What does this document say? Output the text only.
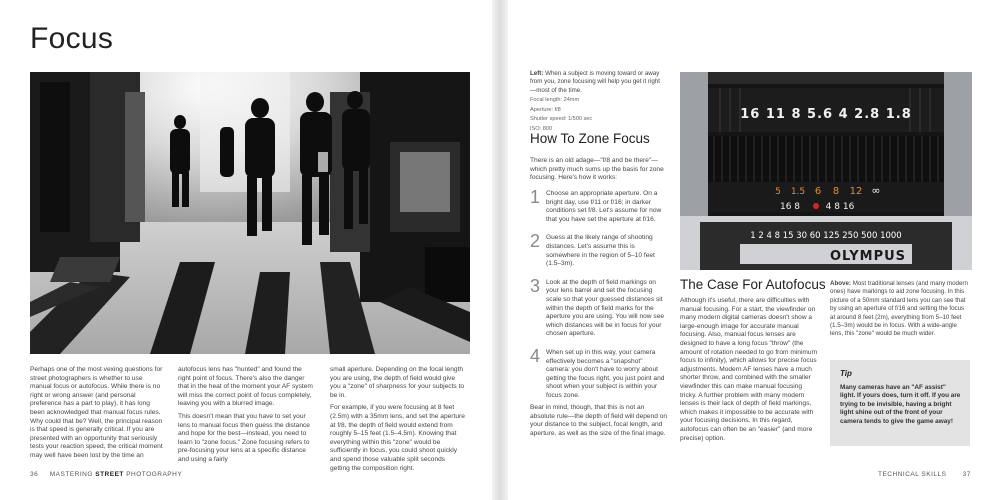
Focus

Perhaps one of the most vexing questions for street photographers is whether to use manual focus or autofocus. While there is no right or wrong answer (and personal preference has a part to play), it has long been acknowledged that manual focus rules. Why could that be? Well, the principal reason is that speed is generally critical. If you are presented with an opportunity that seriously tests your reaction speed, the critical moment may well have been lost by the time an

autofocus lens has "hunted" and found the right point of focus. There's also the danger that in the heat of the moment your AF system will miss the correct point of focus completely, leaving you with a blurred image.

This doesn't mean that you have to set your lens to manual focus then guess the distance and hope for the best—instead, you need to learn to "zone focus." Zone focusing refers to pre-focusing your lens at a specific distance and using a fairly

small aperture. Depending on the focal length you are using, the depth of field would give you a "zone" of sharpness for your subjects to be in.

For example, if you were focusing at 8 feet (2.5m) with a 35mm lens, and set the aperture at f/8, the depth of field would extend from roughly 5–15 feet (1.5–4.5m). Knowing that everything within this "zone" would be sufficiently in focus, you could shoot quickly and spend those valuable split seconds getting the composition right.

36 MASTERING STREET PHOTOGRAPHY

Left: When a subject is moving toward or away from you, zone focusing will help you get it right—most of the time.
Focal length: 24mm
Aperture: f/8
Shutter speed: 1/500 sec
ISO: 800

How To Zone Focus

There is an old adage—"f/8 and be there"—which pretty much sums up the basis for zone focusing. Here's how it works:

1 Choose an appropriate aperture. On a bright day, use f/11 or f/16; in darker conditions set f/8. Let's assume for now that you have set the aperture at f/16.
2 Guess at the likely range of shooting distances. Let's assume this is somewhere in the region of 5–10 feet (1.5–3m).
3 Look at the depth of field markings on your lens barrel and set the focusing scale so that your guessed distances sit within the depth of field marks for the aperture you are using. You will now see which distances will be in focus for your chosen aperture.
4 When set up in this way, your camera effectively becomes a "snapshot" camera: you don't have to worry about getting the focus right, you just point and shoot when your subject is within your focus zone.

Bear in mind, though, that this is not an absolute rule—the depth of field will depend on your distance to the subject, focal length, and aperture, as well as the size of the final image.

16 11 8 5.6 4 2.8 1.8
1.5 6 8 12
5	∞
16 8	4 8 16
1 2 4 8 15 30 60 125 250 500 1000
OLYMPUS
The Case For Autofocus

Although it's useful, there are difficulties with manual focusing. For a start, the viewfinder on many modern digital cameras doesn't show a large-enough image for accurate manual focusing. Also, manual focus lenses are designed to have a long focus "throw" (the amount of rotation needed to go from minimum focus to infinity), which allows for precise focus adjustments. Modern AF lenses have a much shorter throw, and combined with the smaller viewfinder this can make manual focusing tricky. A further problem with many modern lenses is their lack of depth of field markings, which makes it impossible to be accurate with your focusing decisions. In this regard, autofocus can often be an "easier" (and more precise) option.

Above: Most traditional lenses (and many modern ones) have markings to aid zone focusing. In this picture of a 50mm standard lens you can see that by using an aperture of f/16 and setting the focus at around 8 feet (2m), everything from 5–10 feet (1.5–3m) would be in focus. With a wide-angle lens, this "zone" would be much wider.

Tip

Many cameras have an "AF assist" light. If yours does, turn it off. If you are trying to be invisible, having a bright light shine out of the front of your camera tends to give the game away!

TECHNICAL SKILLS 37
